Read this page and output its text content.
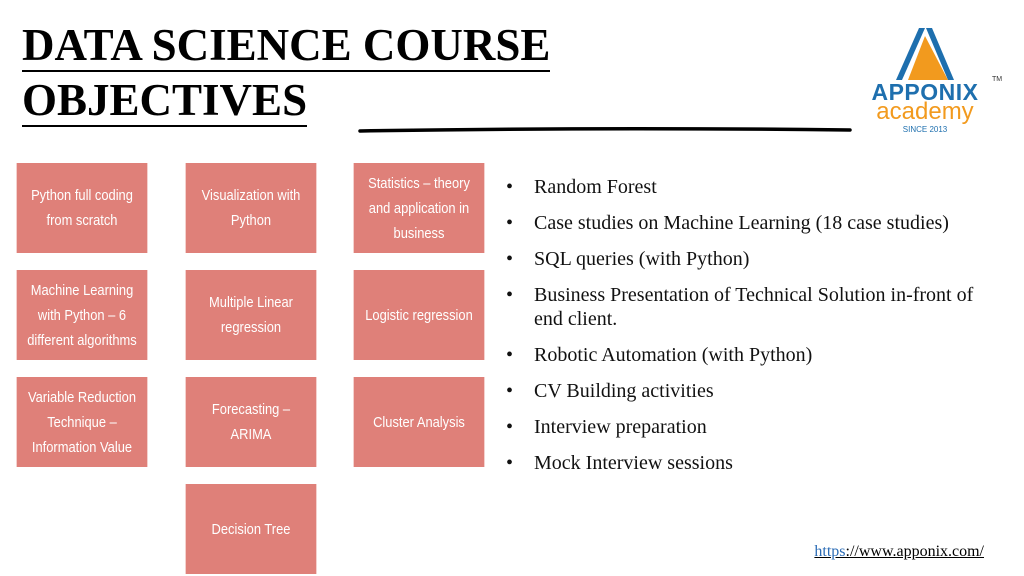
DATA SCIENCE COURSE
OBJECTIVES	APPONIX	TM
academy
SINCE 2013
Python full coding from scratch
Visualization with Python
Statistics – theory and application in business
Machine Learning with Python – 6 different algorithms
Multiple Linear regression
Logistic regression
Variable Reduction Technique – Information Value
Forecasting – ARIMA
Cluster Analysis
Decision Tree
• Random Forest
• Case studies on Machine Learning (18 case studies)
• SQL queries (with Python)
• Business Presentation of Technical Solution in-front of end client.
• Robotic Automation (with Python)
• CV Building activities
• Interview preparation
• Mock Interview sessions
https://www.apponix.com/
